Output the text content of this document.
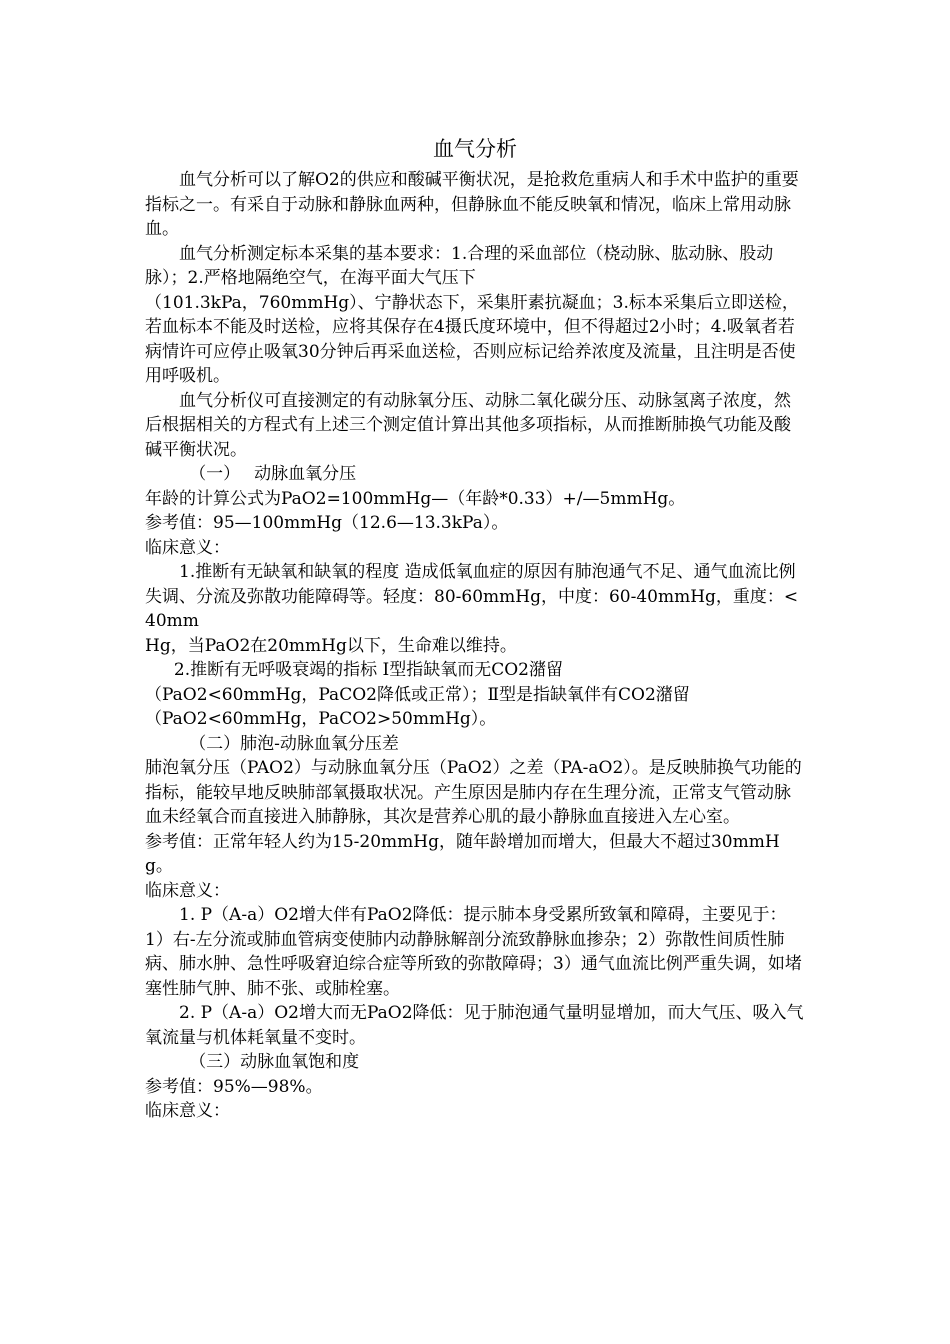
血气分析

血气分析可以了解O2的供应和酸碱平衡状况，是抢救危重病人和手术中监护的重要指标之一。有采自于动脉和静脉血两种，但静脉血不能反映氧和情况，临床上常用动脉血。

血气分析测定标本采集的基本要求：1.合理的采血部位（桡动脉、肱动脉、股动脉）；2.严格地隔绝空气，在海平面大气压下

（101.3kPa，760mmHg）、宁静状态下，采集肝素抗凝血；3.标本采集后立即送检，若血标本不能及时送检，应将其保存在4摄氏度环境中，但不得超过2小时；4.吸氧者若病情许可应停止吸氧30分钟后再采血送检，否则应标记给养浓度及流量，且注明是否使用呼吸机。

血气分析仪可直接测定的有动脉氧分压、动脉二氧化碳分压、动脉氢离子浓度，然后根据相关的方程式有上述三个测定值计算出其他多项指标，从而推断肺换气功能及酸碱平衡状况。

（一）　 动脉血氧分压

年龄的计算公式为PaO2=100mmHg—（年龄*0.33）+/—5mmHg。

参考值：95—100mmHg（12.6—13.3kPa）。

临床意义：

1.推断有无缺氧和缺氧的程度 造成低氧血症的原因有肺泡通气不足、通气血流比例失调、分流及弥散功能障碍等。轻度：80-60mmHg，中度：60-40mmHg，重度：<40mm

Hg，当PaO2在20mmHg以下，生命难以维持。

2.推断有无呼吸衰竭的指标 Ⅰ型指缺氧而无CO2潴留

（PaO2<60mmHg，PaCO2降低或正常）；Ⅱ型是指缺氧伴有CO2潴留

（PaO2<60mmHg，PaCO2>50mmHg）。

（二）肺泡-动脉血氧分压差

肺泡氧分压（PAO2）与动脉血氧分压（PaO2）之差（PA-aO2）。是反映肺换气功能的指标，能较早地反映肺部氧摄取状况。产生原因是肺内存在生理分流，正常支气管动脉血未经氧合而直接进入肺静脉，其次是营养心肌的最小静脉血直接进入左心室。

参考值：正常年轻人约为15-20mmHg，随年龄增加而增大，但最大不超过30mmHg。

临床意义：

1. P（A-a）O2增大伴有PaO2降低：提示肺本身受累所致氧和障碍，主要见于：1）右-左分流或肺血管病变使肺内动静脉解剖分流致静脉血掺杂；2）弥散性间质性肺病、肺水肿、急性呼吸窘迫综合症等所致的弥散障碍；3）通气血流比例严重失调，如堵塞性肺气肿、肺不张、或肺栓塞。

2. P（A-a）O2增大而无PaO2降低：见于肺泡通气量明显增加，而大气压、吸入气氧流量与机体耗氧量不变时。

（三）动脉血氧饱和度

参考值：95%—98%。

临床意义：
